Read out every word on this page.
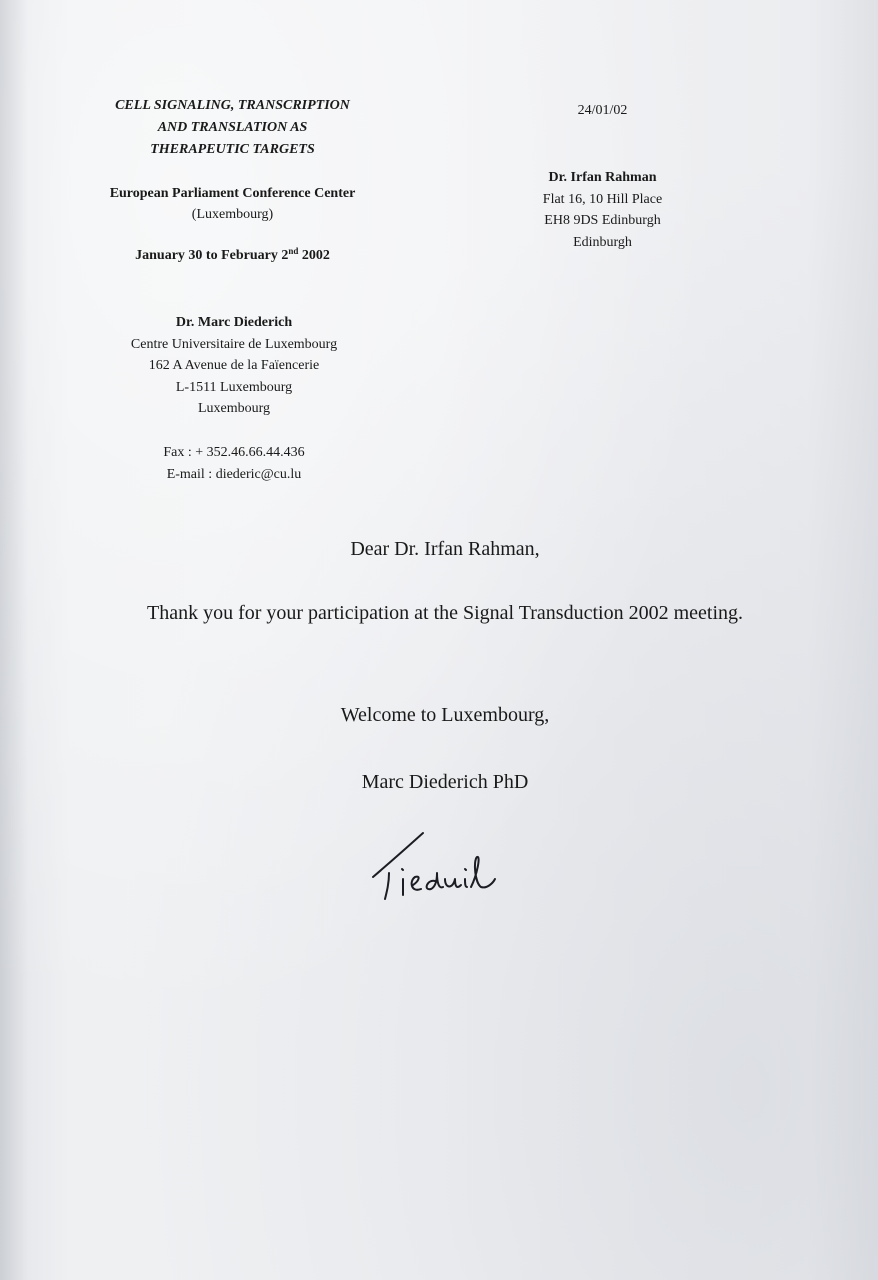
CELL SIGNALING, TRANSCRIPTION
AND TRANSLATION AS
THERAPEUTIC TARGETS
European Parliament Conference Center
(Luxembourg)
January 30 to February 2nd 2002
Dr. Marc Diederich
Centre Universitaire de Luxembourg
162 A Avenue de la Faïencerie
L-1511 Luxembourg
Luxembourg
Fax : + 352.46.66.44.436
E-mail : diederic@cu.lu
24/01/02
Dr. Irfan Rahman
Flat 16, 10 Hill Place
EH8 9DS Edinburgh
Edinburgh
Dear Dr. Irfan Rahman,
Thank you for your participation at the Signal Transduction 2002 meeting.
Welcome to Luxembourg,
Marc Diederich PhD
